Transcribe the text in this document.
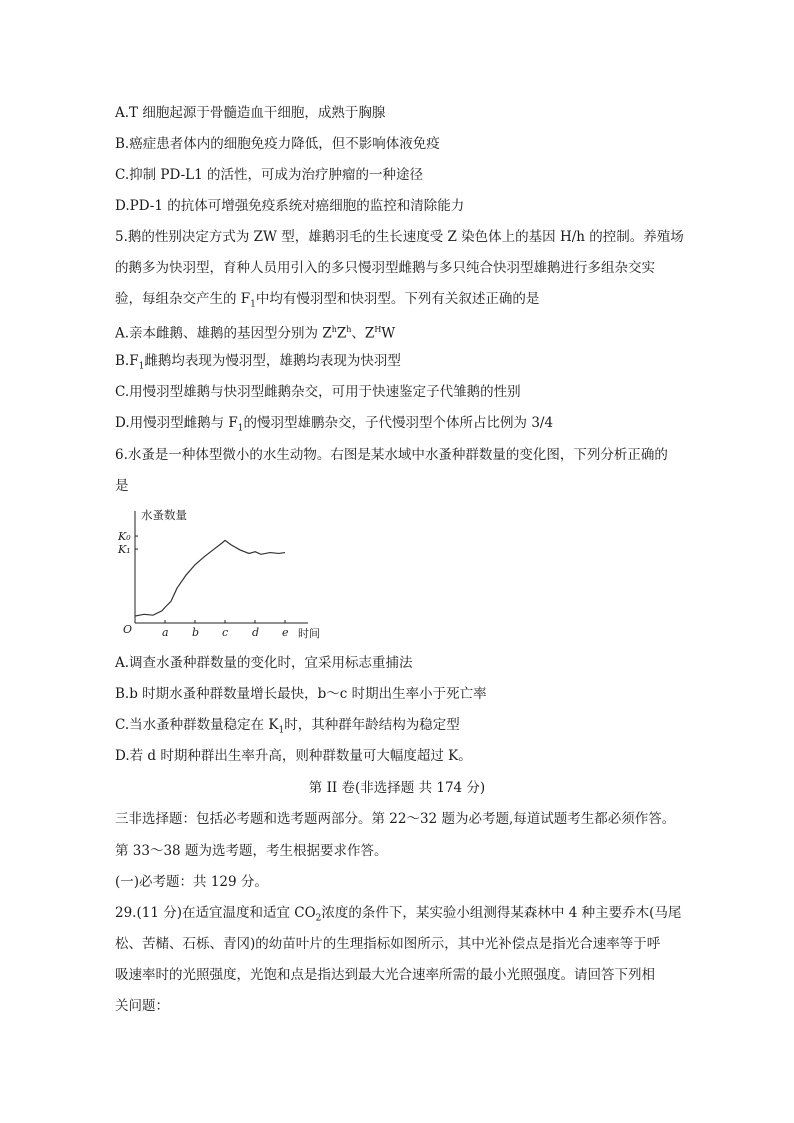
A.T 细胞起源于骨髓造血干细胞，成熟于胸腺
B.癌症患者体内的细胞免疫力降低，但不影响体液免疫
C.抑制 PD-L1 的活性，可成为治疗肿瘤的一种途径
D.PD-1 的抗体可增强免疫系统对癌细胞的监控和清除能力
5.鹅的性别决定方式为 ZW 型，雄鹅羽毛的生长速度受 Z 染色体上的基因 H/h 的控制。养殖场
的鹅多为快羽型，育种人员用引入的多只慢羽型雌鹅与多只纯合快羽型雄鹅进行多组杂交实
验，每组杂交产生的 $F_1$中均有慢羽型和快羽型。下列有关叙述正确的是
A.亲本雌鹅、雄鹅的基因型分别为 $Z^hZ^h$、$Z^HW$
$B.F_1$雌鹅均表现为慢羽型，雄鹅均表现为快羽型
C.用慢羽型雄鹅与快羽型雌鹅杂交，可用于快速鉴定子代雏鹅的性别
D.用慢羽型雌鹅与 $F_1$的慢羽型雄鹏杂交，子代慢羽型个体所占比例为 3/4
6.水蚤是一种体型微小的水生动物。右图是某水域中水蚤种群数量的变化图，下列分析正确的
是
水蚤数量
时间
O	a b c d e
K₀
K₁
A.调查水蚤种群数量的变化时，宜采用标志重捕法
B.b 时期水蚤种群数量增长最快，b～c 时期出生率小于死亡率
C.当水蚤种群数量稳定在 $K_1$时，其种群年龄结构为稳定型
D.若 d 时期种群出生率升高，则种群数量可大幅度超过 K。
第 II 卷(非选择题 共 174 分)
三非选择题：包括必考题和选考题两部分。第 22～32 题为必考题,每道试题考生都必须作答。
第 33～38 题为选考题，考生根据要求作答。
(一)必考题：共 129 分。
29.(11 分)在适宜温度和适宜 $CO_2$浓度的条件下，某实验小组测得某森林中 4 种主要乔木(马尾
松、苦槠、石栎、青冈)的幼苗叶片的生理指标如图所示，其中光补偿点是指光合速率等于呼
吸速率时的光照强度，光饱和点是指达到最大光合速率所需的最小光照强度。请回答下列相
关问题：
